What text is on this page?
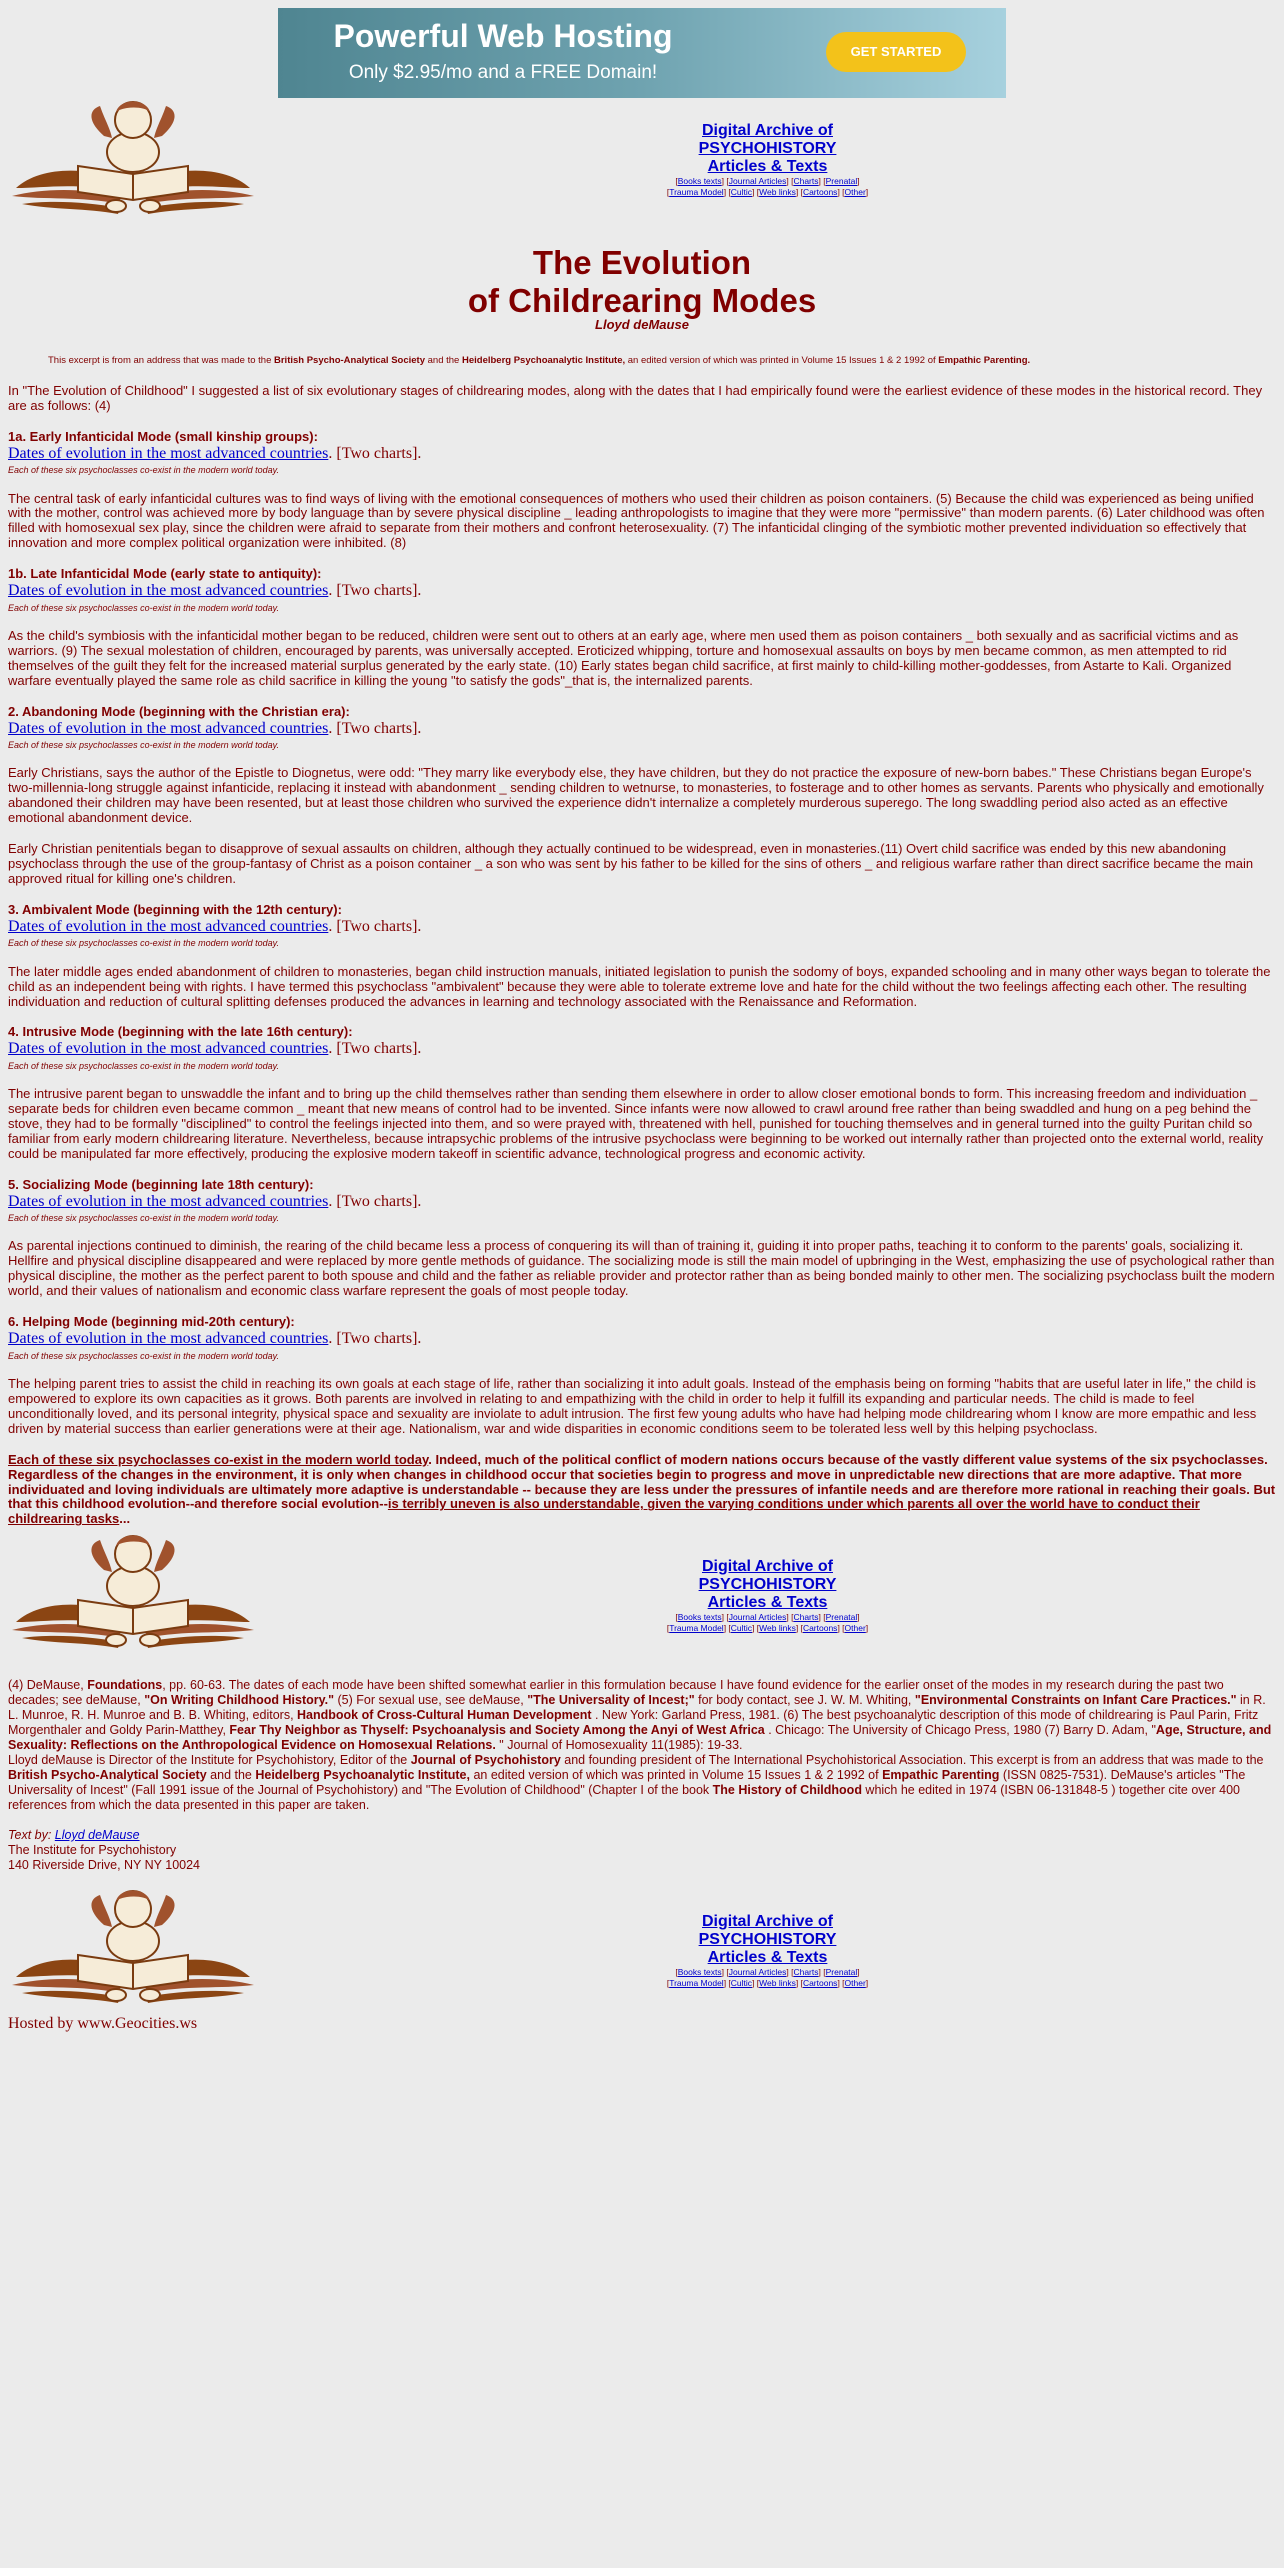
Powerful Web Hosting
Only $2.95/mo and a FREE Domain!
GET STARTED
Digital Archive of
PSYCHOHISTORY
Articles & Texts
[Books texts] [Journal Articles] [Charts] [Prenatal]
[Trauma Model] [Cultic] [Web links] [Cartoons] [Other]
The Evolution
of Childrearing Modes
Lloyd deMause
This excerpt is from an address that was made to the British Psycho-Analytical Society and the Heidelberg Psychoanalytic Institute, an edited version of which was printed in Volume 15 Issues 1 & 2 1992 of Empathic Parenting.

In "The Evolution of Childhood" I suggested a list of six evolutionary stages of childrearing modes, along with the dates that I had empirically found were the earliest evidence of these modes in the historical record. They are as follows: (4)

1a. Early Infanticidal Mode (small kinship groups):
Dates of evolution in the most advanced countries. [Two charts].
Each of these six psychoclasses co-exist in the modern world today.

The central task of early infanticidal cultures was to find ways of living with the emotional consequences of mothers who used their children as poison containers. (5) Because the child was experienced as being unified with the mother, control was achieved more by body language than by severe physical discipline _ leading anthropologists to imagine that they were more "permissive" than modern parents. (6) Later childhood was often filled with homosexual sex play, since the children were afraid to separate from their mothers and confront heterosexuality. (7) The infanticidal clinging of the symbiotic mother prevented individuation so effectively that innovation and more complex political organization were inhibited. (8)

1b. Late Infanticidal Mode (early state to antiquity):
Dates of evolution in the most advanced countries. [Two charts].
Each of these six psychoclasses co-exist in the modern world today.

As the child's symbiosis with the infanticidal mother began to be reduced, children were sent out to others at an early age, where men used them as poison containers _ both sexually and as sacrificial victims and as warriors. (9) The sexual molestation of children, encouraged by parents, was universally accepted. Eroticized whipping, torture and homosexual assaults on boys by men became common, as men attempted to rid themselves of the guilt they felt for the increased material surplus generated by the early state. (10) Early states began child sacrifice, at first mainly to child-killing mother-goddesses, from Astarte to Kali. Organized warfare eventually played the same role as child sacrifice in killing the young "to satisfy the gods"_that is, the internalized parents.

2. Abandoning Mode (beginning with the Christian era):
Dates of evolution in the most advanced countries. [Two charts].
Each of these six psychoclasses co-exist in the modern world today.

Early Christians, says the author of the Epistle to Diognetus, were odd: "They marry like everybody else, they have children, but they do not practice the exposure of new-born babes." These Christians began Europe's two-millennia-long struggle against infanticide, replacing it instead with abandonment _ sending children to wetnurse, to monasteries, to fosterage and to other homes as servants. Parents who physically and emotionally abandoned their children may have been resented, but at least those children who survived the experience didn't internalize a completely murderous superego. The long swaddling period also acted as an effective emotional abandonment device.

Early Christian penitentials began to disapprove of sexual assaults on children, although they actually continued to be widespread, even in monasteries.(11) Overt child sacrifice was ended by this new abandoning psychoclass through the use of the group-fantasy of Christ as a poison container _ a son who was sent by his father to be killed for the sins of others _ and religious warfare rather than direct sacrifice became the main approved ritual for killing one's children.

3. Ambivalent Mode (beginning with the 12th century):
Dates of evolution in the most advanced countries. [Two charts].
Each of these six psychoclasses co-exist in the modern world today.

The later middle ages ended abandonment of children to monasteries, began child instruction manuals, initiated legislation to punish the sodomy of boys, expanded schooling and in many other ways began to tolerate the child as an independent being with rights. I have termed this psychoclass "ambivalent" because they were able to tolerate extreme love and hate for the child without the two feelings affecting each other. The resulting individuation and reduction of cultural splitting defenses produced the advances in learning and technology associated with the Renaissance and Reformation.

4. Intrusive Mode (beginning with the late 16th century):
Dates of evolution in the most advanced countries. [Two charts].
Each of these six psychoclasses co-exist in the modern world today.

The intrusive parent began to unswaddle the infant and to bring up the child themselves rather than sending them elsewhere in order to allow closer emotional bonds to form. This increasing freedom and individuation _ separate beds for children even became common _ meant that new means of control had to be invented. Since infants were now allowed to crawl around free rather than being swaddled and hung on a peg behind the stove, they had to be formally "disciplined" to control the feelings injected into them, and so were prayed with, threatened with hell, punished for touching themselves and in general turned into the guilty Puritan child so familiar from early modern childrearing literature. Nevertheless, because intrapsychic problems of the intrusive psychoclass were beginning to be worked out internally rather than projected onto the external world, reality could be manipulated far more effectively, producing the explosive modern takeoff in scientific advance, technological progress and economic activity.

5. Socializing Mode (beginning late 18th century):
Dates of evolution in the most advanced countries. [Two charts].
Each of these six psychoclasses co-exist in the modern world today.

As parental injections continued to diminish, the rearing of the child became less a process of conquering its will than of training it, guiding it into proper paths, teaching it to conform to the parents' goals, socializing it. Hellfire and physical discipline disappeared and were replaced by more gentle methods of guidance. The socializing mode is still the main model of upbringing in the West, emphasizing the use of psychological rather than physical discipline, the mother as the perfect parent to both spouse and child and the father as reliable provider and protector rather than as being bonded mainly to other men. The socializing psychoclass built the modern world, and their values of nationalism and economic class warfare represent the goals of most people today.

6. Helping Mode (beginning mid-20th century):
Dates of evolution in the most advanced countries. [Two charts].
Each of these six psychoclasses co-exist in the modern world today.

The helping parent tries to assist the child in reaching its own goals at each stage of life, rather than socializing it into adult goals. Instead of the emphasis being on forming "habits that are useful later in life," the child is empowered to explore its own capacities as it grows. Both parents are involved in relating to and empathizing with the child in order to help it fulfill its expanding and particular needs. The child is made to feel unconditionally loved, and its personal integrity, physical space and sexuality are inviolate to adult intrusion. The first few young adults who have had helping mode childrearing whom I know are more empathic and less driven by material success than earlier generations were at their age. Nationalism, war and wide disparities in economic conditions seem to be tolerated less well by this helping psychoclass.

Each of these six psychoclasses co-exist in the modern world today. Indeed, much of the political conflict of modern nations occurs because of the vastly different value systems of the six psychoclasses. Regardless of the changes in the environment, it is only when changes in childhood occur that societies begin to progress and move in unpredictable new directions that are more adaptive. That more individuated and loving individuals are ultimately more adaptive is understandable -- because they are less under the pressures of infantile needs and are therefore more rational in reaching their goals. But that this childhood evolution--and therefore social evolution--is terribly uneven is also understandable, given the varying conditions under which parents all over the world have to conduct their childrearing tasks...

Digital Archive of
PSYCHOHISTORY
Articles & Texts
[Books texts] [Journal Articles] [Charts] [Prenatal]
[Trauma Model] [Cultic] [Web links] [Cartoons] [Other]
(4) DeMause, Foundations, pp. 60-63. The dates of each mode have been shifted somewhat earlier in this formulation because I have found evidence for the earlier onset of the modes in my research during the past two decades; see deMause, "On Writing Childhood History." (5) For sexual use, see deMause, "The Universality of Incest;" for body contact, see J. W. M. Whiting, "Environmental Constraints on Infant Care Practices." in R. L. Munroe, R. H. Munroe and B. B. Whiting, editors, Handbook of Cross-Cultural Human Development . New York: Garland Press, 1981. (6) The best psychoanalytic description of this mode of childrearing is Paul Parin, Fritz Morgenthaler and Goldy Parin-Matthey, Fear Thy Neighbor as Thyself: Psychoanalysis and Society Among the Anyi of West Africa . Chicago: The University of Chicago Press, 1980 (7) Barry D. Adam, "Age, Structure, and Sexuality: Reflections on the Anthropological Evidence on Homosexual Relations. " Journal of Homosexuality 11(1985): 19-33.
Lloyd deMause is Director of the Institute for Psychohistory, Editor of the Journal of Psychohistory and founding president of The International Psychohistorical Association. This excerpt is from an address that was made to the British Psycho-Analytical Society and the Heidelberg Psychoanalytic Institute, an edited version of which was printed in Volume 15 Issues 1 & 2 1992 of Empathic Parenting (ISSN 0825-7531). DeMause's articles "The Universality of Incest" (Fall 1991 issue of the Journal of Psychohistory) and "The Evolution of Childhood" (Chapter I of the book The History of Childhood which he edited in 1974 (ISBN 06-131848-5 ) together cite over 400 references from which the data presented in this paper are taken.
Text by: Lloyd deMause
The Institute for Psychohistory
140 Riverside Drive, NY NY 10024
Digital Archive of
PSYCHOHISTORY
Articles & Texts
[Books texts] [Journal Articles] [Charts] [Prenatal]
[Trauma Model] [Cultic] [Web links] [Cartoons] [Other]
Hosted by www.Geocities.ws
